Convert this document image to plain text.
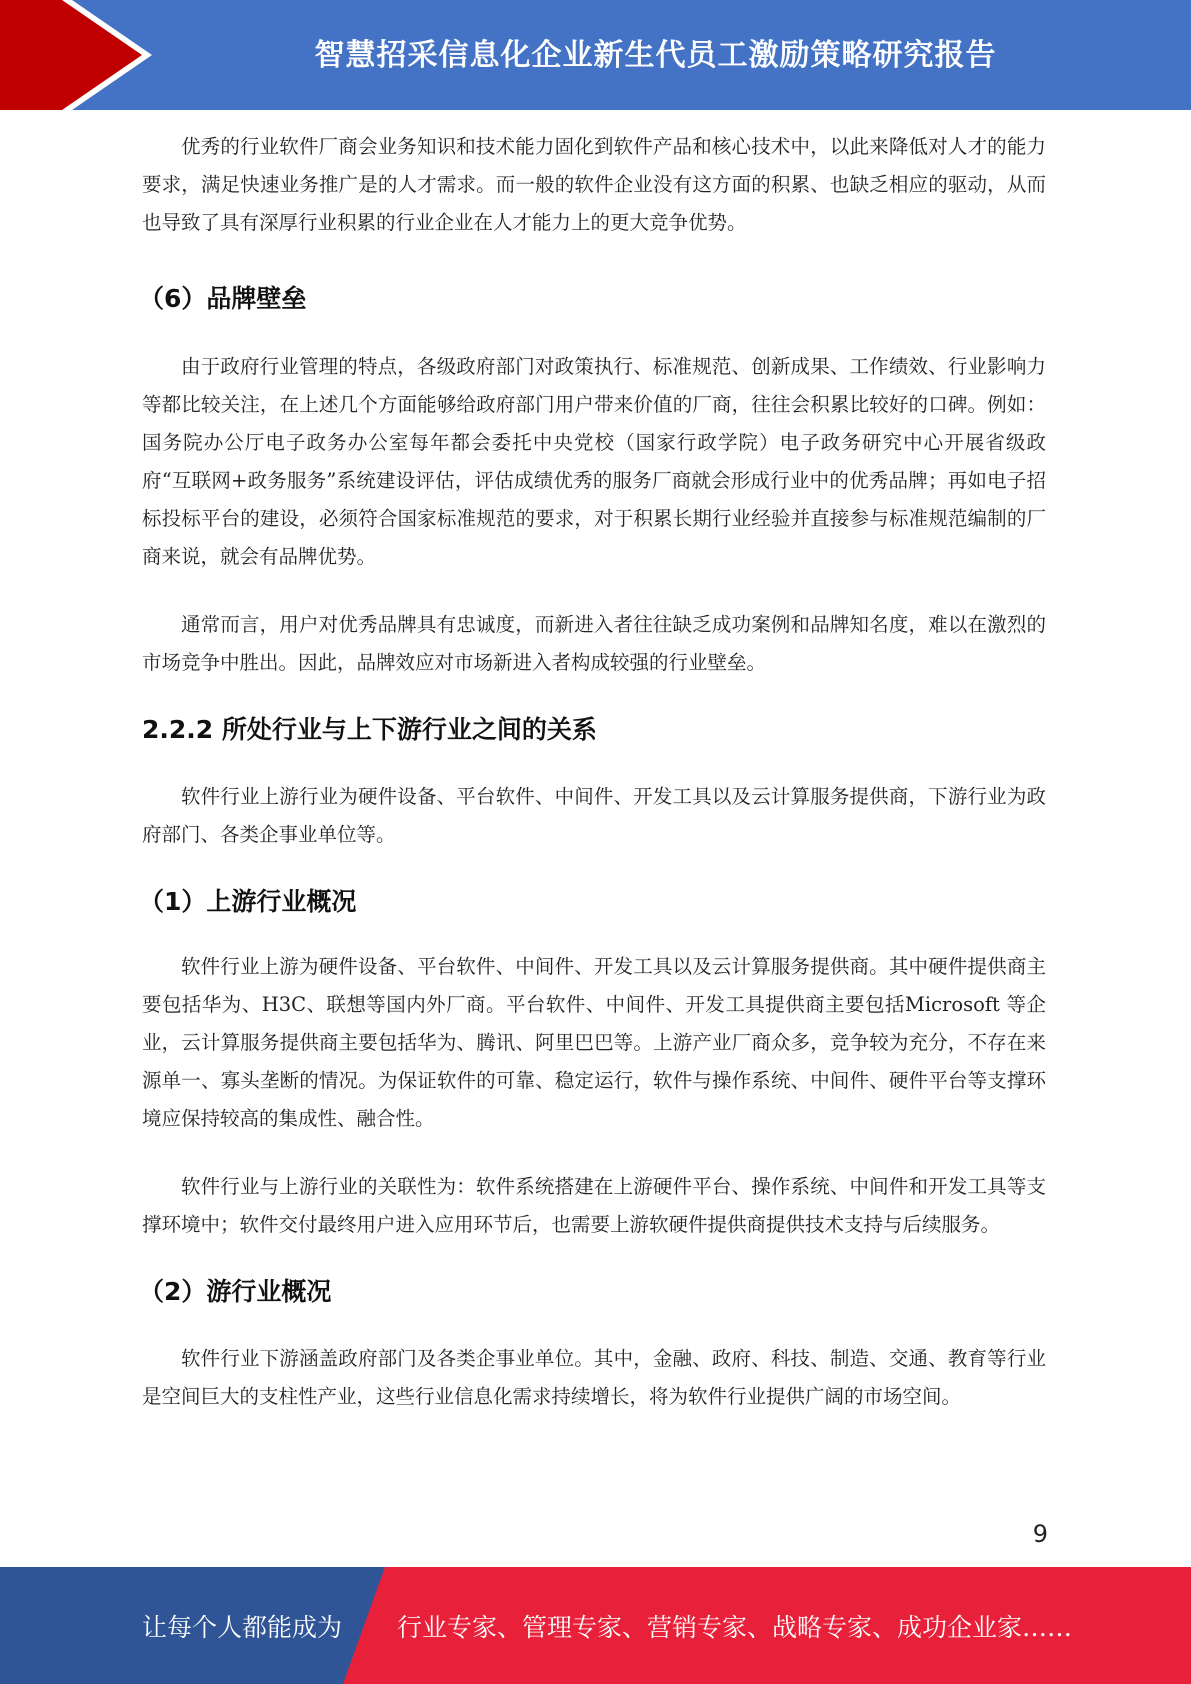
智慧招采信息化企业新生代员工激励策略研究报告

优秀的行业软件厂商会业务知识和技术能力固化到软件产品和核心技术中，以此来降低对人才的能力要求，满足快速业务推广是的人才需求。而一般的软件企业没有这方面的积累、也缺乏相应的驱动，从而也导致了具有深厚行业积累的行业企业在人才能力上的更大竞争优势。

（6）品牌壁垒

由于政府行业管理的特点，各级政府部门对政策执行、标准规范、创新成果、工作绩效、行业影响力等都比较关注，在上述几个方面能够给政府部门用户带来价值的厂商，往往会积累比较好的口碑。例如：国务院办公厅电子政务办公室每年都会委托中央党校（国家行政学院）电子政务研究中心开展省级政府“互联网+政务服务”系统建设评估，评估成绩优秀的服务厂商就会形成行业中的优秀品牌；再如电子招标投标平台的建设，必须符合国家标准规范的要求，对于积累长期行业经验并直接参与标准规范编制的厂商来说，就会有品牌优势。

通常而言，用户对优秀品牌具有忠诚度，而新进入者往往缺乏成功案例和品牌知名度，难以在激烈的市场竞争中胜出。因此，品牌效应对市场新进入者构成较强的行业壁垒。

2.2.2 所处行业与上下游行业之间的关系

软件行业上游行业为硬件设备、平台软件、中间件、开发工具以及云计算服务提供商，下游行业为政府部门、各类企事业单位等。

（1）上游行业概况

软件行业上游为硬件设备、平台软件、中间件、开发工具以及云计算服务提供商。其中硬件提供商主要包括华为、H3C、联想等国内外厂商。平台软件、中间件、开发工具提供商主要包括Microsoft 等企业，云计算服务提供商主要包括华为、腾讯、阿里巴巴等。上游产业厂商众多，竞争较为充分，不存在来源单一、寡头垄断的情况。为保证软件的可靠、稳定运行，软件与操作系统、中间件、硬件平台等支撑环境应保持较高的集成性、融合性。

软件行业与上游行业的关联性为：软件系统搭建在上游硬件平台、操作系统、中间件和开发工具等支撑环境中；软件交付最终用户进入应用环节后，也需要上游软硬件提供商提供技术支持与后续服务。

（2）游行业概况

软件行业下游涵盖政府部门及各类企事业单位。其中，金融、政府、科技、制造、交通、教育等行业是空间巨大的支柱性产业，这些行业信息化需求持续增长，将为软件行业提供广阔的市场空间。

9
让每个人都能成为 行业专家、管理专家、营销专家、战略专家、成功企业家……
